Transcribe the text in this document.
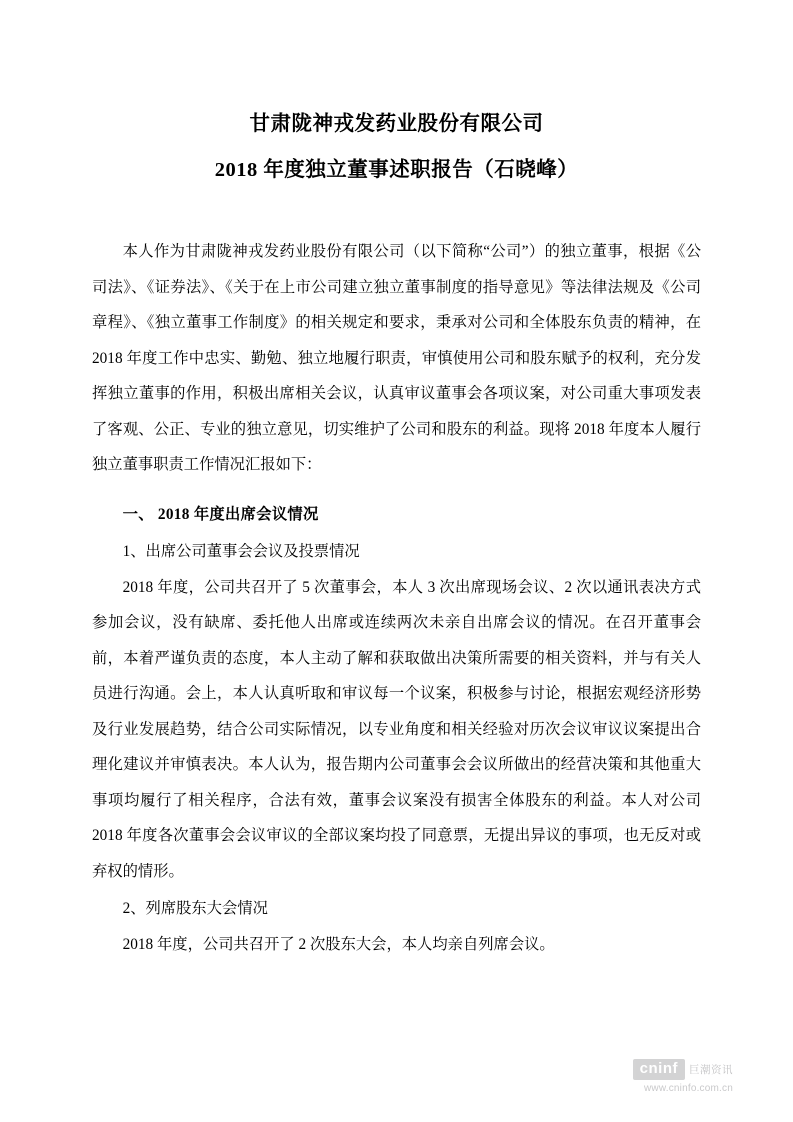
甘肃陇神戎发药业股份有限公司
2018 年度独立董事述职报告（石晓峰）

本人作为甘肃陇神戎发药业股份有限公司（以下简称“公司”）的独立董事，根据《公司法》、《证券法》、《关于在上市公司建立独立董事制度的指导意见》等法律法规及《公司章程》、《独立董事工作制度》的相关规定和要求，秉承对公司和全体股东负责的精神，在 2018 年度工作中忠实、勤勉、独立地履行职责，审慎使用公司和股东赋予的权利，充分发挥独立董事的作用，积极出席相关会议，认真审议董事会各项议案，对公司重大事项发表了客观、公正、专业的独立意见，切实维护了公司和股东的利益。现将 2018 年度本人履行独立董事职责工作情况汇报如下：

一、 2018 年度出席会议情况

1、出席公司董事会会议及投票情况

2018 年度，公司共召开了 5 次董事会，本人 3 次出席现场会议、2 次以通讯表决方式参加会议，没有缺席、委托他人出席或连续两次未亲自出席会议的情况。在召开董事会前，本着严谨负责的态度，本人主动了解和获取做出决策所需要的相关资料，并与有关人员进行沟通。会上，本人认真听取和审议每一个议案，积极参与讨论，根据宏观经济形势及行业发展趋势，结合公司实际情况，以专业角度和相关经验对历次会议审议议案提出合理化建议并审慎表决。本人认为，报告期内公司董事会会议所做出的经营决策和其他重大事项均履行了相关程序，合法有效，董事会议案没有损害全体股东的利益。本人对公司 2018 年度各次董事会会议审议的全部议案均投了同意票，无提出异议的事项，也无反对或弃权的情形。

2、列席股东大会情况

2018 年度，公司共召开了 2 次股东大会，本人均亲自列席会议。

cninf	巨潮资讯
www.cninfo.com.cn
